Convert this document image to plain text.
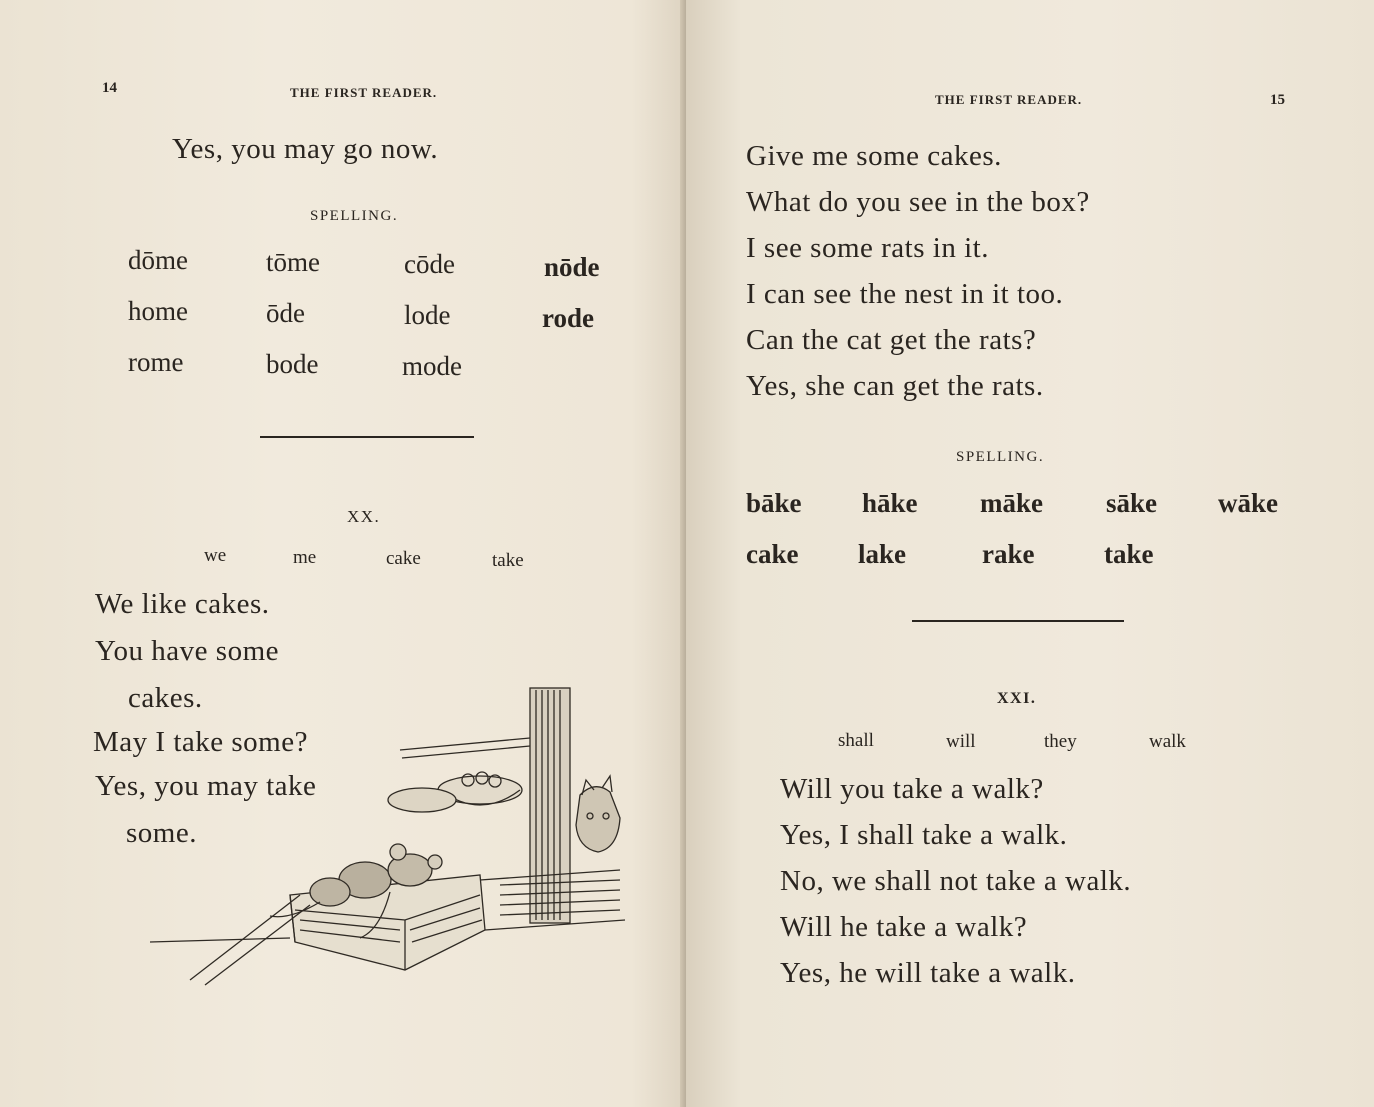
14	THE FIRST READER.
Yes, you may go now.
SPELLING.
dōme	tōme	cōde	nōde
home	ōde	lode	rode
rome	bode	mode
XX.
we	me	cake	take
We like cakes.
You have some
cakes.
May I take some?
Yes, you may take
some.
THE FIRST READER.	15
Give me some cakes.
What do you see in the box?
I see some rats in it.
I can see the nest in it too.
Can the cat get the rats?
Yes, she can get the rats.
SPELLING.
bāke hāke māke sāke wāke
cake lake	rake	take
XXI.
shall	will	they	walk
Will you take a walk?
Yes, I shall take a walk.
No, we shall not take a walk.
Will he take a walk?
Yes, he will take a walk.
